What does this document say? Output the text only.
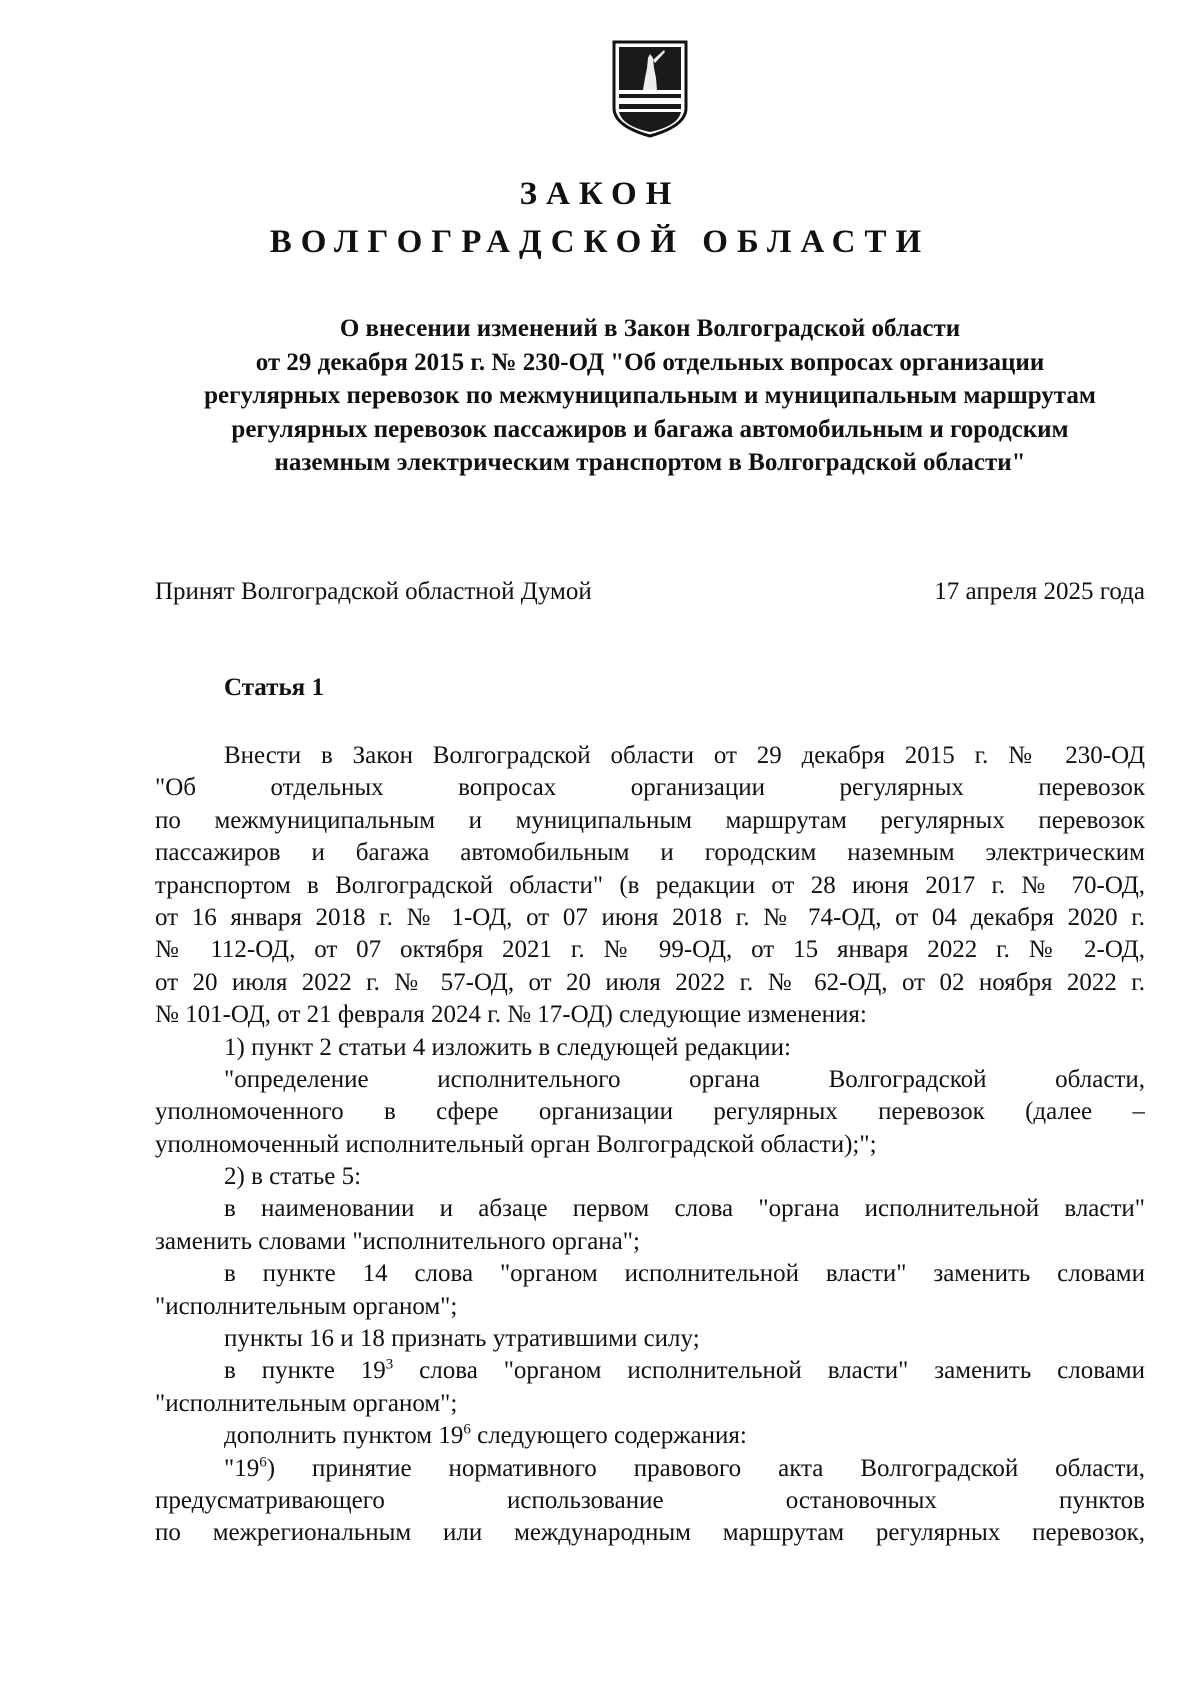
ЗАКОН
ВОЛГОГРАДСКОЙ ОБЛАСТИ
О внесении изменений в Закон Волгоградской области
от 29 декабря 2015 г. № 230-ОД "Об отдельных вопросах организации
регулярных перевозок по межмуниципальным и муниципальным маршрутам
регулярных перевозок пассажиров и багажа автомобильным и городским
наземным электрическим транспортом в Волгоградской области"
Принят Волгоградской областной Думой	17 апреля 2025 года
Статья 1
Внести в Закон Волгоградской области от 29 декабря 2015 г. № 230-ОД
"Об отдельных вопросах организации регулярных перевозок
по межмуниципальным и муниципальным маршрутам регулярных перевозок
пассажиров и багажа автомобильным и городским наземным электрическим
транспортом в Волгоградской области" (в редакции от 28 июня 2017 г. № 70-ОД,
от 16 января 2018 г. № 1-ОД, от 07 июня 2018 г. № 74-ОД, от 04 декабря 2020 г.
№ 112-ОД, от 07 октября 2021 г. № 99-ОД, от 15 января 2022 г. № 2-ОД,
от 20 июля 2022 г. № 57-ОД, от 20 июля 2022 г. № 62-ОД, от 02 ноября 2022 г.
№ 101-ОД, от 21 февраля 2024 г. № 17-ОД) следующие изменения:
1) пункт 2 статьи 4 изложить в следующей редакции:
"определение исполнительного органа Волгоградской области,
уполномоченного в сфере организации регулярных перевозок (далее –
уполномоченный исполнительный орган Волгоградской области);";
2) в статье 5:
в наименовании и абзаце первом слова "органа исполнительной власти"
заменить словами "исполнительного органа";
в пункте 14 слова "органом исполнительной власти" заменить словами
"исполнительным органом";
пункты 16 и 18 признать утратившими силу;
в пункте $19^3$ слова "органом исполнительной власти" заменить словами
"исполнительным органом";
дополнить пунктом $19^6$ следующего содержания:
"$19^6$) принятие нормативного правового акта Волгоградской области,
предусматривающего использование остановочных пунктов
по межрегиональным или международным маршрутам регулярных перевозок,
